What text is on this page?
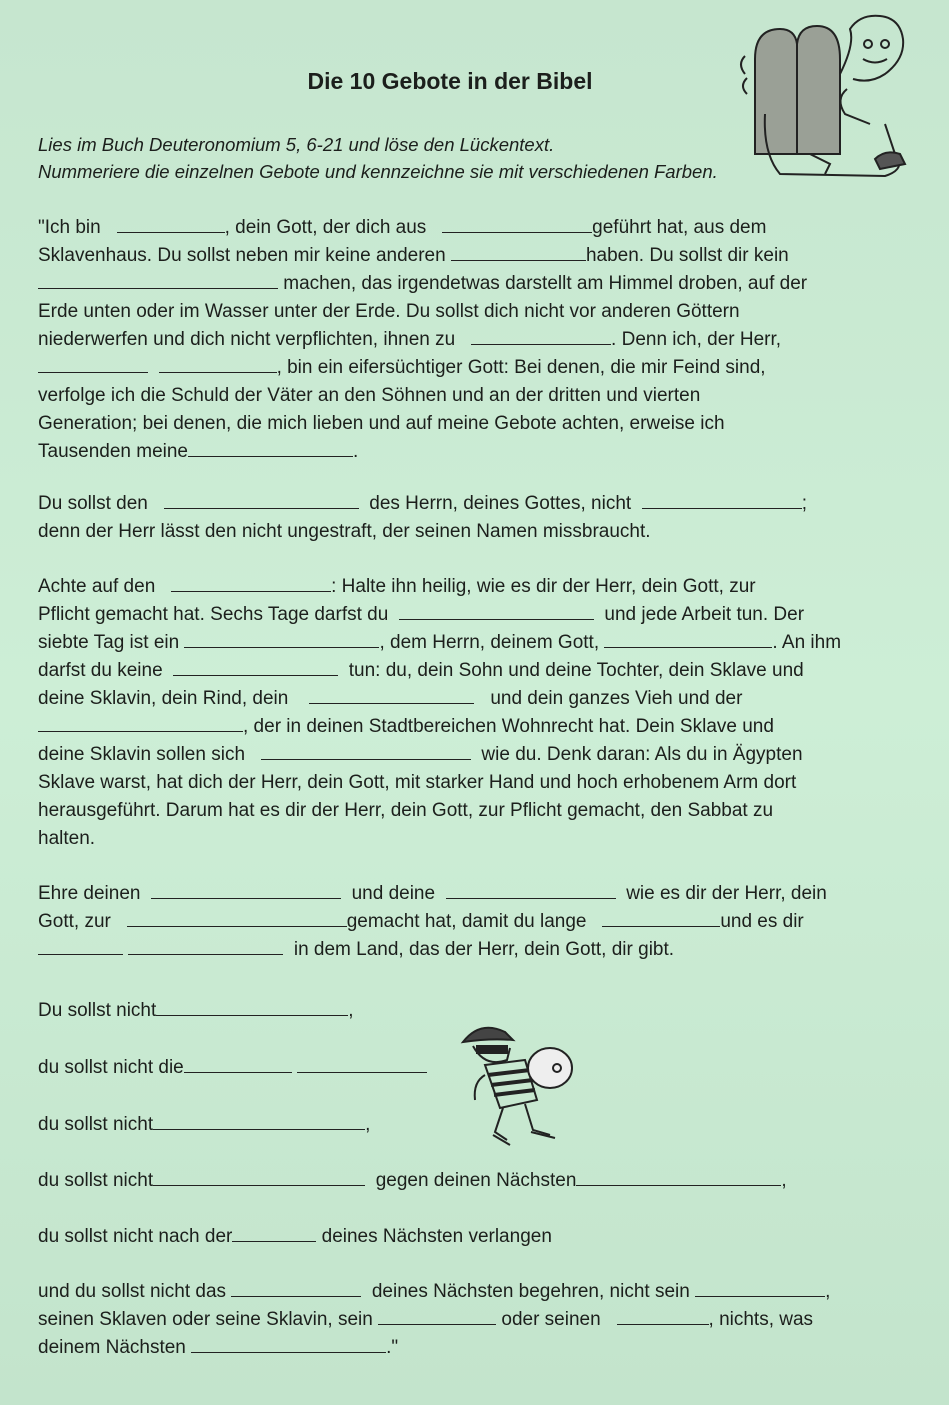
Die 10 Gebote in der Bibel
Lies im Buch Deuteronomium 5, 6-21 und löse den Lückentext.
Nummeriere die einzelnen Gebote und kennzeichne sie mit verschiedenen Farben.
"Ich bin	, dein Gott, der dich aus	geführt hat, aus dem
Sklavenhaus. Du sollst neben mir keine anderen	haben. Du sollst dir kein
machen, das irgendetwas darstellt am Himmel droben, auf der
Erde unten oder im Wasser unter der Erde. Du sollst dich nicht vor anderen Göttern
niederwerfen und dich nicht verpflichten, ihnen zu	. Denn ich, der Herr,
, bin ein eifersüchtiger Gott: Bei denen, die mir Feind sind,
verfolge ich die Schuld der Väter an den Söhnen und an der dritten und vierten
Generation; bei denen, die mich lieben und auf meine Gebote achten, erweise ich
Tausenden meine	.
Du sollst den	des Herrn, deines Gottes, nicht	;
denn der Herr lässt den nicht ungestraft, der seinen Namen missbraucht.
Achte auf den	: Halte ihn heilig, wie es dir der Herr, dein Gott, zur
Pflicht gemacht hat. Sechs Tage darfst du	und jede Arbeit tun. Der
siebte Tag ist ein	, dem Herrn, deinem Gott,	. An ihm
darfst du keine	tun: du, dein Sohn und deine Tochter, dein Sklave und
deine Sklavin, dein Rind, dein	und dein ganzes Vieh und der
, der in deinen Stadtbereichen Wohnrecht hat. Dein Sklave und
deine Sklavin sollen sich	wie du. Denk daran: Als du in Ägypten
Sklave warst, hat dich der Herr, dein Gott, mit starker Hand und hoch erhobenem Arm dort
herausgeführt. Darum hat es dir der Herr, dein Gott, zur Pflicht gemacht, den Sabbat zu
halten.
Ehre deinen	und deine	wie es dir der Herr, dein
Gott, zur	gemacht hat, damit du lange	und es dir
in dem Land, das der Herr, dein Gott, dir gibt.
Du sollst nicht	,
du sollst nicht die
du sollst nicht	,
du sollst nicht	gegen deinen Nächsten	,
du sollst nicht nach der	deines Nächsten verlangen
und du sollst nicht das	deines Nächsten begehren, nicht sein	,
seinen Sklaven oder seine Sklavin, sein	oder seinen	, nichts, was
deinem Nächsten	."
